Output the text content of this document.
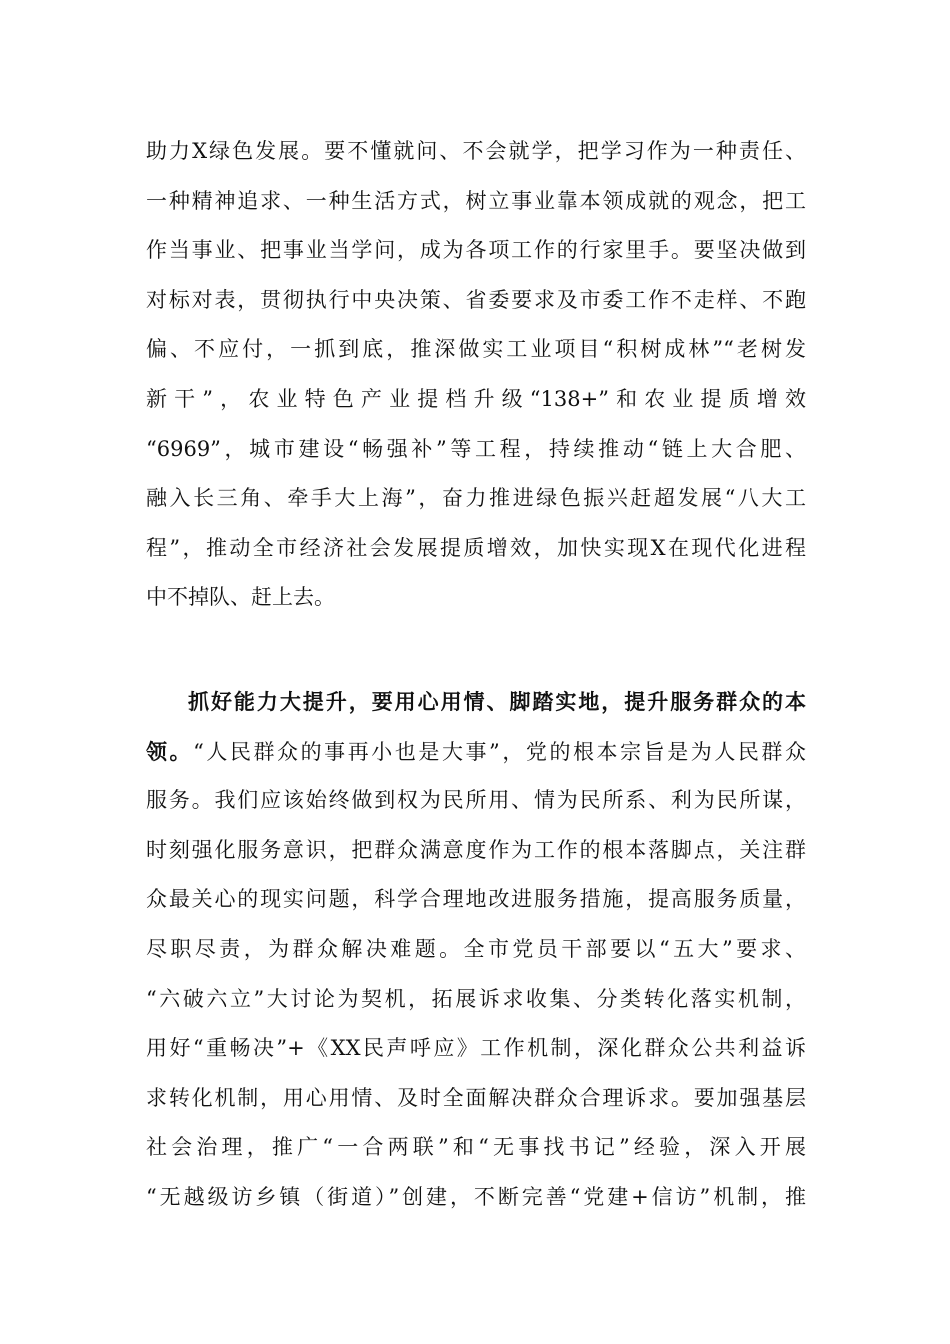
助力X绿色发展。要不懂就问、不会就学，把学习作为一种责任、
一种精神追求、一种生活方式，树立事业靠本领成就的观念，把工
作当事业、把事业当学问，成为各项工作的行家里手。要坚决做到
对标对表，贯彻执行中央决策、省委要求及市委工作不走样、不跑
偏、不应付，一抓到底，推深做实工业项目“积树成林”“老树发
新干”，农业特色产业提档升级“138+”和农业提质增效
“6969”，城市建设“畅强补”等工程，持续推动“链上大合肥、
融入长三角、牵手大上海”，奋力推进绿色振兴赶超发展“八大工
程”，推动全市经济社会发展提质增效，加快实现X在现代化进程
中不掉队、赶上去。
抓好能力大提升，要用心用情、脚踏实地，提升服务群众的本
领。“人民群众的事再小也是大事”，党的根本宗旨是为人民群众
服务。我们应该始终做到权为民所用、情为民所系、利为民所谋，
时刻强化服务意识，把群众满意度作为工作的根本落脚点，关注群
众最关心的现实问题，科学合理地改进服务措施，提高服务质量，
尽职尽责，为群众解决难题。全市党员干部要以“五大”要求、
“六破六立”大讨论为契机，拓展诉求收集、分类转化落实机制，
用好“重畅决”+《XX民声呼应》工作机制，深化群众公共利益诉
求转化机制，用心用情、及时全面解决群众合理诉求。要加强基层
社会治理，推广“一合两联”和“无事找书记”经验，深入开展
“无越级访乡镇（街道）”创建，不断完善“党建+信访”机制，推
